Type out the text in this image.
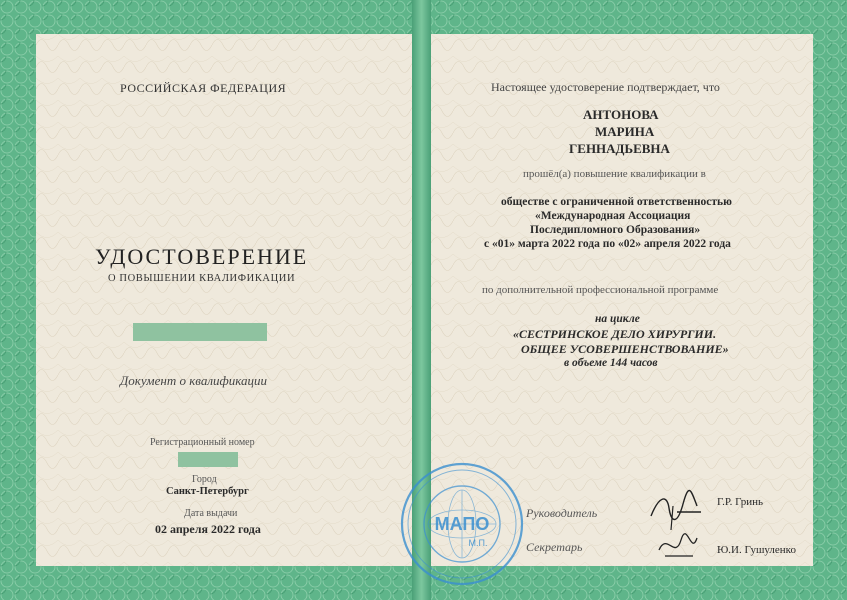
РОССИЙСКАЯ ФЕДЕРАЦИЯ
УДОСТОВЕРЕНИЕ
О ПОВЫШЕНИИ КВАЛИФИКАЦИИ
Документ о квалификации
Регистрационный номер
Город
Санкт-Петербург
Дата выдачи
02 апреля 2022 года
Настоящее удостоверение подтверждает, что
АНТОНОВА
МАРИНА
ГЕННАДЬЕВНА
прошёл(а) повышение квалификации в
обществе с ограниченной ответственностью
«Международная Ассоциация
Последипломного Образования»
с «01» марта 2022 года по «02» апреля 2022 года
по дополнительной профессиональной программе
на цикле
«СЕСТРИНСКОЕ ДЕЛО ХИРУРГИИ.
ОБЩЕЕ УСОВЕРШЕНСТВОВАНИЕ»
в объеме 144 часов
Руководитель
Г.Р. Гринь
Секретарь	Ю.И. Гушуленко
МАПО
М.П.
